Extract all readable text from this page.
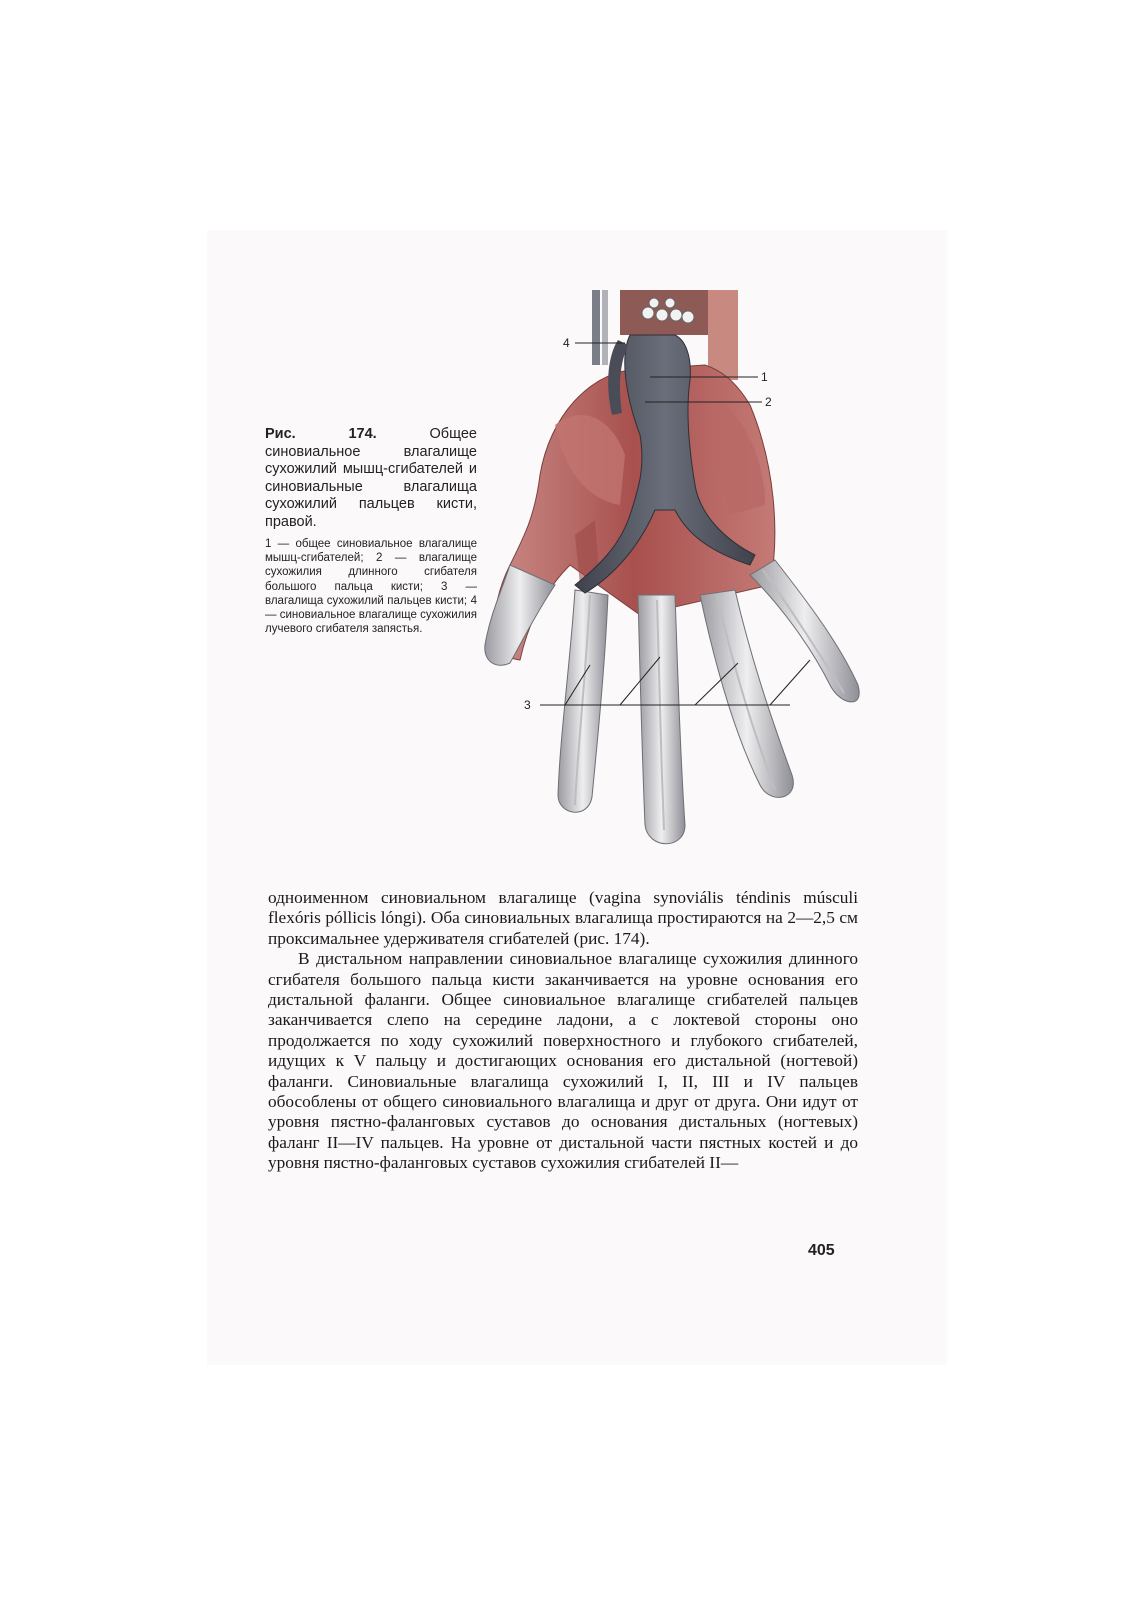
Рис. 174.	Общее синовиальное влагалище сухожилий мышц-сгибателей и синовиальные влагалища сухожилий пальцев кисти, правой.

1 — общее синовиальное влагалище мышц-сгибателей; 2 — влагалище сухожилия длинного сгибателя большого пальца кисти; 3 — влагалища сухожилий пальцев кисти; 4 — синовиальное влагалище сухожилия лучевого сгибателя запястья.

4
1
2
3

одноименном синовиальном влагалище (vagina synoviális téndinis músculi flexóris póllicis lóngi). Оба синовиальных влагалища простираются на 2—2,5 см проксимальнее удерживателя сгибателей (рис. 174).

В дистальном направлении синовиальное влагалище сухожилия длинного сгибателя большого пальца кисти заканчивается на уровне основания его дистальной фаланги. Общее синовиальное влагалище сгибателей пальцев заканчивается слепо на середине ладони, а с локтевой стороны оно продолжается по ходу сухожилий поверхностного и глубокого сгибателей, идущих к V пальцу и достигающих основания его дистальной (ногтевой) фаланги. Синовиальные влагалища сухожилий I, II, III и IV пальцев обособлены от общего синовиального влагалища и друг от друга. Они идут от уровня пястно-фаланговых суставов до основания дистальных (ногтевых) фаланг II—IV пальцев. На уровне от дистальной части пястных костей и до уровня пястно-фаланговых суставов сухожилия сгибателей II—

405
